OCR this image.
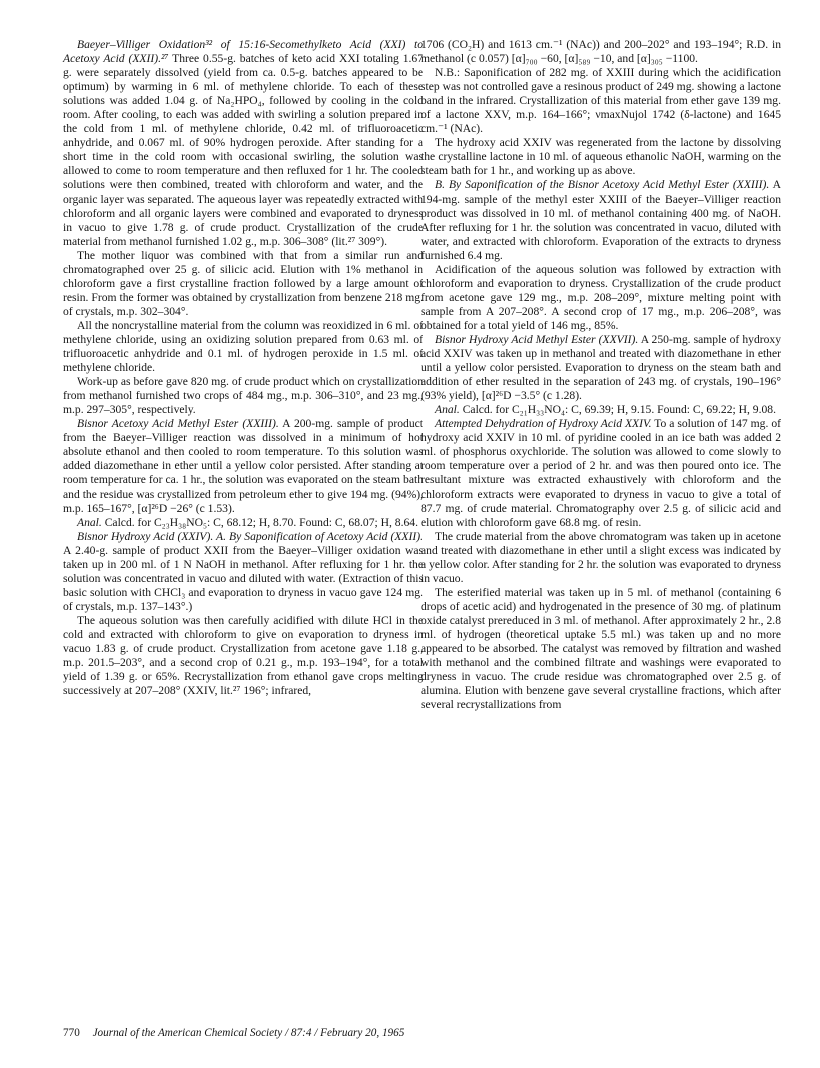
Baeyer–Villiger Oxidation³² of 15:16-Secomethylketo Acid (XXI) to Acetoxy Acid (XXII).²⁷ Three 0.55-g. batches of keto acid XXI totaling 1.67 g. were separately dissolved (yield from ca. 0.5-g. batches appeared to be optimum) by warming in 6 ml. of methylene chloride. To each of these solutions was added 1.04 g. of Na₂HPO₄, followed by cooling in the cold room. After cooling, to each was added with swirling a solution prepared in the cold from 1 ml. of methylene chloride, 0.42 ml. of trifluoroacetic anhydride, and 0.067 ml. of 90% hydrogen peroxide. After standing for a short time in the cold room with occasional swirling, the solution was allowed to come to room temperature and then refluxed for 1 hr. The cooled solutions were then combined, treated with chloroform and water, and the organic layer was separated. The aqueous layer was repeatedly extracted with chloroform and all organic layers were combined and evaporated to dryness in vacuo to give 1.78 g. of crude product. Crystallization of the crude material from methanol furnished 1.02 g., m.p. 306–308° (lit.²⁷ 309°).

The mother liquor was combined with that from a similar run and chromatographed over 25 g. of silicic acid. Elution with 1% methanol in chloroform gave a first crystalline fraction followed by a large amount of resin. From the former was obtained by crystallization from benzene 218 mg. of crystals, m.p. 302–304°.

All the noncrystalline material from the column was reoxidized in 6 ml. of methylene chloride, using an oxidizing solution prepared from 0.63 ml. of trifluoroacetic anhydride and 0.1 ml. of hydrogen peroxide in 1.5 ml. of methylene chloride.

Work-up as before gave 820 mg. of crude product which on crystallization from methanol furnished two crops of 484 mg., m.p. 306–310°, and 23 mg., m.p. 297–305°, respectively.

Bisnor Acetoxy Acid Methyl Ester (XXIII). A 200-mg. sample of product from the Baeyer–Villiger reaction was dissolved in a minimum of hot absolute ethanol and then cooled to room temperature. To this solution was added diazomethane in ether until a yellow color persisted. After standing at room temperature for ca. 1 hr., the solution was evaporated on the steam bath and the residue was crystallized from petroleum ether to give 194 mg. (94%), m.p. 165–167°, [α]²⁶D −26° (c 1.53).

Anal. Calcd. for C₂₃H₃₈NO₅: C, 68.12; H, 8.70. Found: C, 68.07; H, 8.64.

Bisnor Hydroxy Acid (XXIV). A. By Saponification of Acetoxy Acid (XXII). A 2.40-g. sample of product XXII from the Baeyer–Villiger oxidation was taken up in 200 ml. of 1 N NaOH in methanol. After refluxing for 1 hr. the solution was concentrated in vacuo and diluted with water. (Extraction of this basic solution with CHCl₃ and evaporation to dryness in vacuo gave 124 mg. of crystals, m.p. 137–143°.)

The aqueous solution was then carefully acidified with dilute HCl in the cold and extracted with chloroform to give on evaporation to dryness in vacuo 1.83 g. of crude product. Crystallization from acetone gave 1.18 g., m.p. 201.5–203°, and a second crop of 0.21 g., m.p. 193–194°, for a total yield of 1.39 g. or 65%. Recrystallization from ethanol gave crops melting successively at 207–208° (XXIV, lit.²⁷ 196°; infrared,

1706 (CO₂H) and 1613 cm.⁻¹ (NAc)) and 200–202° and 193–194°; R.D. in methanol (c 0.057) [α]₇₀₀ −60, [α]₅₈₉ −10, and [α]₃₀₅ −1100.

N.B.: Saponification of 282 mg. of XXIII during which the acidification step was not controlled gave a resinous product of 249 mg. showing a lactone band in the infrared. Crystallization of this material from ether gave 139 mg. of a lactone XXV, m.p. 164–166°; νmaxNujol 1742 (δ-lactone) and 1645 cm.⁻¹ (NAc).

The hydroxy acid XXIV was regenerated from the lactone by dissolving the crystalline lactone in 10 ml. of aqueous ethanolic NaOH, warming on the steam bath for 1 hr., and working up as above.

B. By Saponification of the Bisnor Acetoxy Acid Methyl Ester (XXIII). A 194-mg. sample of the methyl ester XXIII of the Baeyer–Villiger reaction product was dissolved in 10 ml. of methanol containing 400 mg. of NaOH. After refluxing for 1 hr. the solution was concentrated in vacuo, diluted with water, and extracted with chloroform. Evaporation of the extracts to dryness furnished 6.4 mg.

Acidification of the aqueous solution was followed by extraction with chloroform and evaporation to dryness. Crystallization of the crude product from acetone gave 129 mg., m.p. 208–209°, mixture melting point with sample from A 207–208°. A second crop of 17 mg., m.p. 206–208°, was obtained for a total yield of 146 mg., 85%.

Bisnor Hydroxy Acid Methyl Ester (XXVII). A 250-mg. sample of hydroxy acid XXIV was taken up in methanol and treated with diazomethane in ether until a yellow color persisted. Evaporation to dryness on the steam bath and addition of ether resulted in the separation of 243 mg. of crystals, 190–196° (93% yield), [α]²⁶D −3.5° (c 1.28).

Anal. Calcd. for C₂₁H₃₃NO₄: C, 69.39; H, 9.15. Found: C, 69.22; H, 9.08.

Attempted Dehydration of Hydroxy Acid XXIV. To a solution of 147 mg. of hydroxy acid XXIV in 10 ml. of pyridine cooled in an ice bath was added 2 ml. of phosphorus oxychloride. The solution was allowed to come slowly to room temperature over a period of 2 hr. and was then poured onto ice. The resultant mixture was extracted exhaustively with chloroform and the chloroform extracts were evaporated to dryness in vacuo to give a total of 87.7 mg. of crude material. Chromatography over 2.5 g. of silicic acid and elution with chloroform gave 68.8 mg. of resin.

The crude material from the above chromatogram was taken up in acetone and treated with diazomethane in ether until a slight excess was indicated by a yellow color. After standing for 2 hr. the solution was evaporated to dryness in vacuo.

The esterified material was taken up in 5 ml. of methanol (containing 6 drops of acetic acid) and hydrogenated in the presence of 30 mg. of platinum oxide catalyst prereduced in 3 ml. of methanol. After approximately 2 hr., 2.8 ml. of hydrogen (theoretical uptake 5.5 ml.) was taken up and no more appeared to be absorbed. The catalyst was removed by filtration and washed with methanol and the combined filtrate and washings were evaporated to dryness in vacuo. The crude residue was chromatographed over 2.5 g. of alumina. Elution with benzene gave several crystalline fractions, which after several recrystallizations from

770 Journal of the American Chemical Society / 87:4 / February 20, 1965
